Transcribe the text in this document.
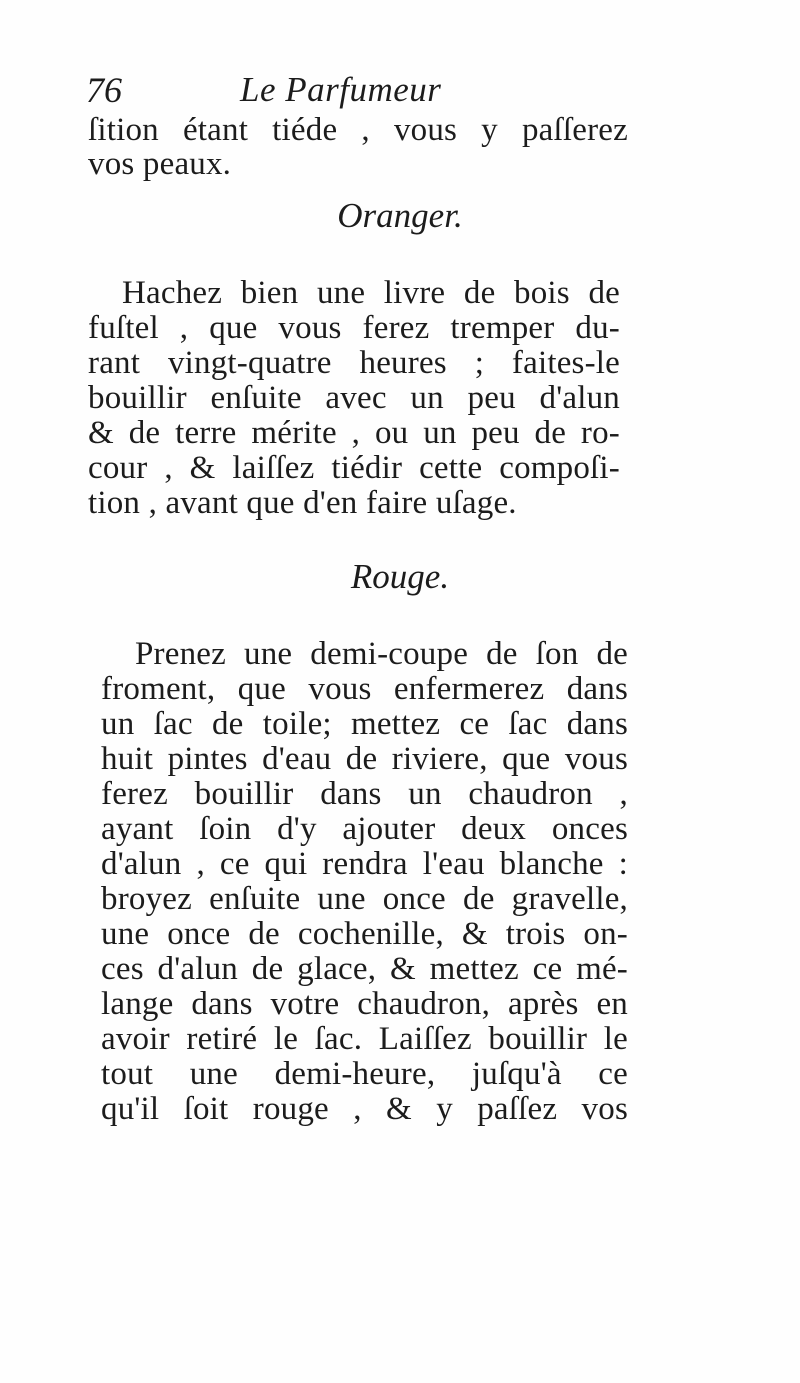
76	Le Parfumeur
ſition étant tiéde , vous y paſſerez
vos peaux.
Oranger.
Hachez bien une livre de bois de
fuſtel , que vous ferez tremper du-
rant vingt-quatre heures ; faites-le
bouillir enſuite avec un peu d'alun
& de terre mérite , ou un peu de ro-
cour , & laiſſez tiédir cette compoſi-
tion , avant que d'en faire uſage.
Rouge.
Prenez une demi-coupe de ſon de
froment, que vous enfermerez dans
un ſac de toile; mettez ce ſac dans
huit pintes d'eau de riviere, que vous
ferez bouillir dans un chaudron ,
ayant ſoin d'y ajouter deux onces
d'alun , ce qui rendra l'eau blanche :
broyez enſuite une once de gravelle,
une once de cochenille, & trois on-
ces d'alun de glace, & mettez ce mé-
lange dans votre chaudron, après en
avoir retiré le ſac. Laiſſez bouillir le
tout une demi-heure, juſqu'à ce
qu'il ſoit rouge , & y paſſez vos
